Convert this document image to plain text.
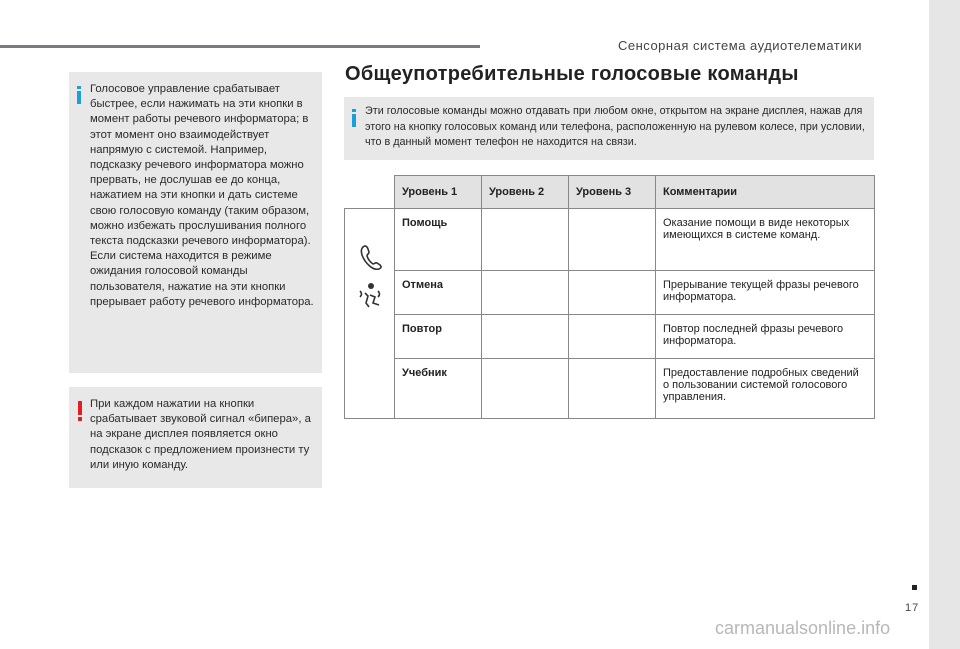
Сенсорная система аудиотелематики
Голосовое управление срабатывает быстрее, если нажимать на эти кнопки в момент работы речевого информатора; в этот момент оно взаимодействует напрямую с системой. Например, подсказку речевого информатора можно прервать, не дослушав ее до конца, нажатием на эти кнопки и дать системе свою голосовую команду (таким образом, можно избежать прослушивания полного текста подсказки речевого информатора). Если система находится в режиме ожидания голосовой команды пользователя, нажатие на эти кнопки прерывает работу речевого информатора.
При каждом нажатии на кнопки срабатывает звуковой сигнал «бипера», а на экране дисплея появляется окно подсказок с предложением произнести ту или иную команду.
Общеупотребительные голосовые команды
Эти голосовые команды можно отдавать при любом окне, открытом на экране дисплея, нажав для этого на кнопку голосовых команд или телефона, расположенную на рулевом колесе, при условии, что в данный момент телефон не находится на связи.
	Уровень 1	Уровень 2	Уровень 3	Комментарии

	Помощь			Оказание помощи в виде некоторых имеющихся в системе команд.
	Отмена			Прерывание текущей фразы речевого информатора.
	Повтор			Повтор последней фразы речевого информатора.
	Учебник			Предоставление подробных сведений о пользовании системой голосового управления.
17
carmanualsonline.info
